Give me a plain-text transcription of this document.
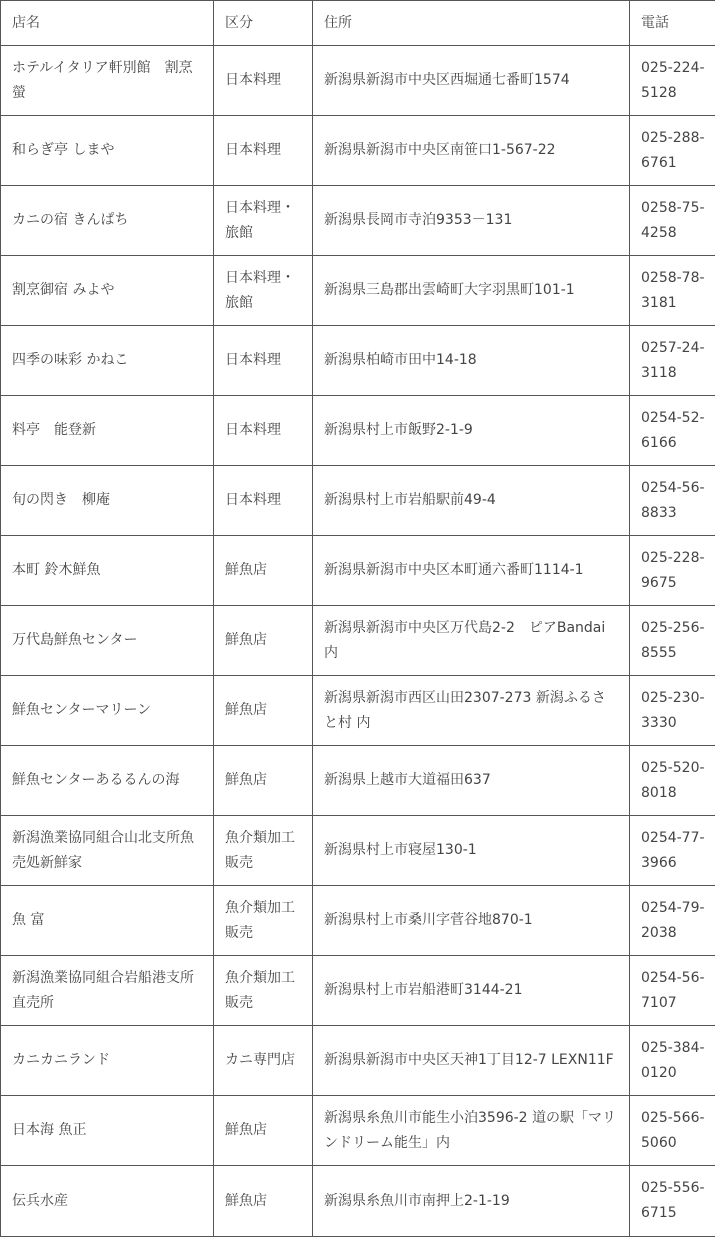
店名	区分	住所	電話
ホテルイタリア軒別館　割烹　螢	日本料理	新潟県新潟市中央区西堀通七番町1574	025-224-5128
和らぎ亭 しまや	日本料理	新潟県新潟市中央区南笹口1-567-22	025-288-6761
カニの宿 きんぱち	日本料理・旅館	新潟県長岡市寺泊9353－131	0258-75-4258
割烹御宿 みよや	日本料理・旅館	新潟県三島郡出雲崎町大字羽黒町101-1	0258-78-3181
四季の味彩 かねこ	日本料理	新潟県柏崎市田中14-18	0257-24-3118
料亭　能登新	日本料理	新潟県村上市飯野2-1-9	0254-52-6166
旬の閃き　柳庵	日本料理	新潟県村上市岩船駅前49-4	0254-56-8833
本町 鈴木鮮魚	鮮魚店	新潟県新潟市中央区本町通六番町1114-1	025-228-9675
万代島鮮魚センター	鮮魚店	新潟県新潟市中央区万代島2-2　ピアBandai 内	025-256-8555
鮮魚センターマリーン	鮮魚店	新潟県新潟市西区山田2307-273 新潟ふるさと村 内	025-230-3330
鮮魚センターあるるんの海	鮮魚店	新潟県上越市大道福田637	025-520-8018
新潟漁業協同組合山北支所魚売処新鮮家	魚介類加工販売	新潟県村上市寝屋130-1	0254-77-3966
魚 富	魚介類加工販売	新潟県村上市桑川字菅谷地870-1	0254-79-2038
新潟漁業協同組合岩船港支所　直売所	魚介類加工販売	新潟県村上市岩船港町3144-21	0254-56-7107
カニカニランド	カニ専門店	新潟県新潟市中央区天神1丁目12-7 LEXN11F	025-384-0120
日本海 魚正	鮮魚店	新潟県糸魚川市能生小泊3596-2 道の駅「マリンドリーム能生」内	025-566-5060
伝兵水産	鮮魚店	新潟県糸魚川市南押上2-1-19	025-556-6715
